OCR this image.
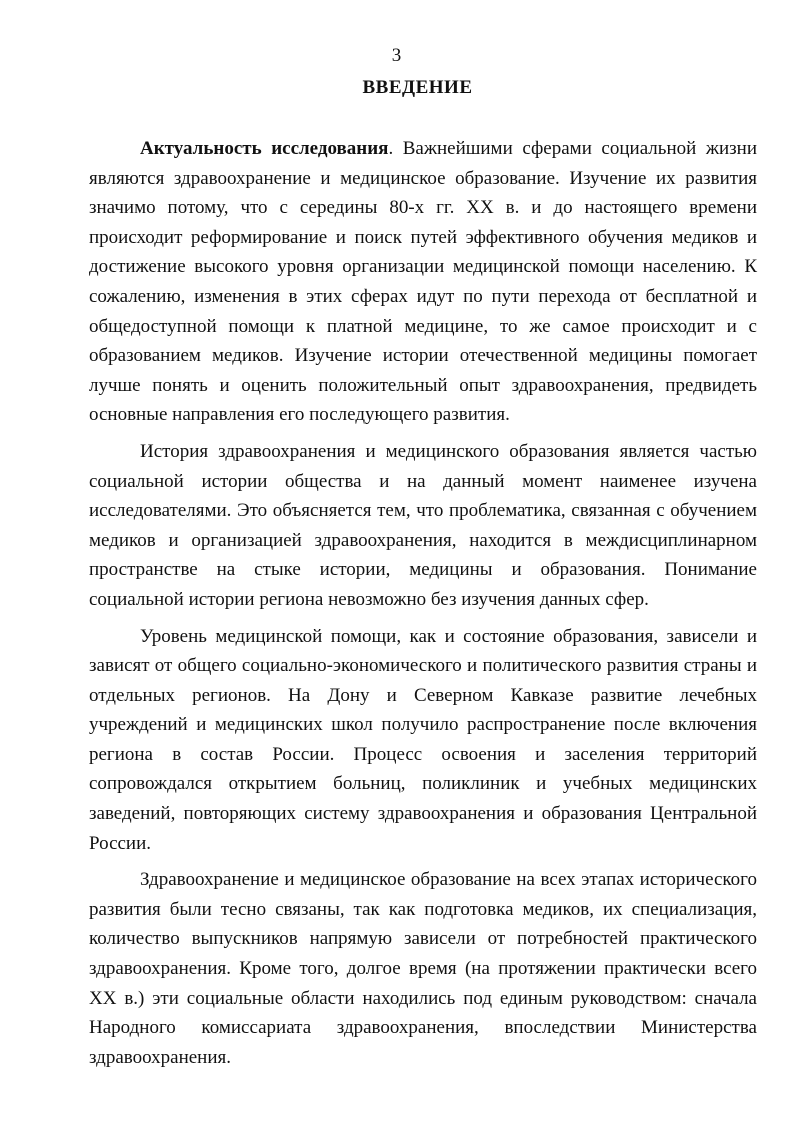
3
ВВЕДЕНИЕ

Актуальность исследования. Важнейшими сферами социальной жизни являются здравоохранение и медицинское образование. Изучение их развития значимо потому, что с середины 80-х гг. XX в. и до настоящего времени происходит реформирование и поиск путей эффективного обучения медиков и достижение высокого уровня организации медицинской помощи населению. К сожалению, изменения в этих сферах идут по пути перехода от бесплатной и общедоступной помощи к платной медицине, то же самое происходит и с образованием медиков. Изучение истории отечественной медицины помогает лучше понять и оценить положительный опыт здравоохранения, предвидеть основные направления его последующего развития.

История здравоохранения и медицинского образования является частью социальной истории общества и на данный момент наименее изучена исследователями. Это объясняется тем, что проблематика, связанная с обучением медиков и организацией здравоохранения, находится в междисциплинарном пространстве на стыке истории, медицины и образования. Понимание социальной истории региона невозможно без изучения данных сфер.

Уровень медицинской помощи, как и состояние образования, зависели и зависят от общего социально-экономического и политического развития страны и отдельных регионов. На Дону и Северном Кавказе развитие лечебных учреждений и медицинских школ получило распространение после включения региона в состав России. Процесс освоения и заселения территорий сопровождался открытием больниц, поликлиник и учебных медицинских заведений, повторяющих систему здравоохранения и образования Центральной России.

Здравоохранение и медицинское образование на всех этапах исторического развития были тесно связаны, так как подготовка медиков, их специализация, количество выпускников напрямую зависели от потребностей практического здравоохранения. Кроме того, долгое время (на протяжении практически всего XX в.) эти социальные области находились под единым руководством: сначала Народного комиссариата здравоохранения, впоследствии Министерства здравоохранения.
